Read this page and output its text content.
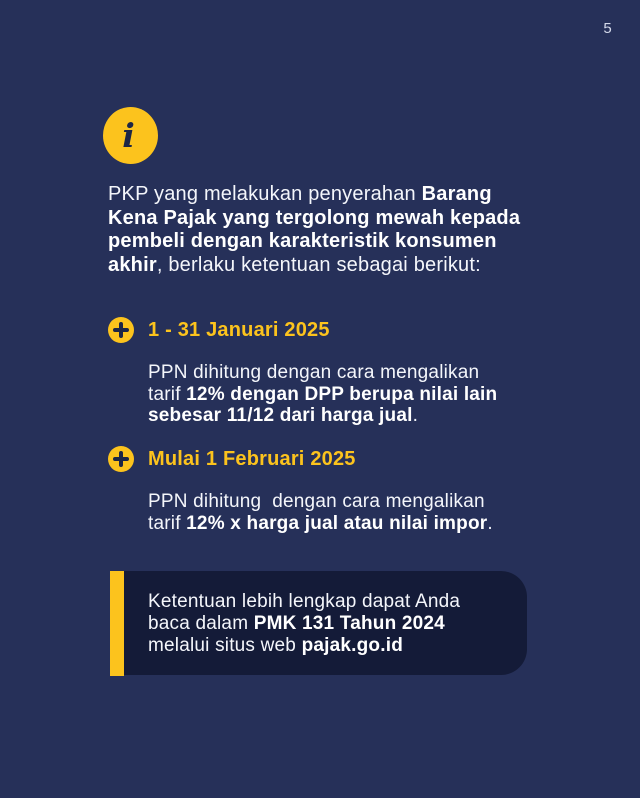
5
i
PKP yang melakukan penyerahan Barang
Kena Pajak yang tergolong mewah kepada
pembeli dengan karakteristik konsumen
akhir, berlaku ketentuan sebagai berikut:
1 - 31 Januari 2025
PPN dihitung dengan cara mengalikan
tarif 12% dengan DPP berupa nilai lain
sebesar 11/12 dari harga jual.
Mulai 1 Februari 2025
PPN dihitung  dengan cara mengalikan
tarif 12% x harga jual atau nilai impor.
Ketentuan lebih lengkap dapat Anda
baca dalam PMK 131 Tahun 2024
melalui situs web pajak.go.id
